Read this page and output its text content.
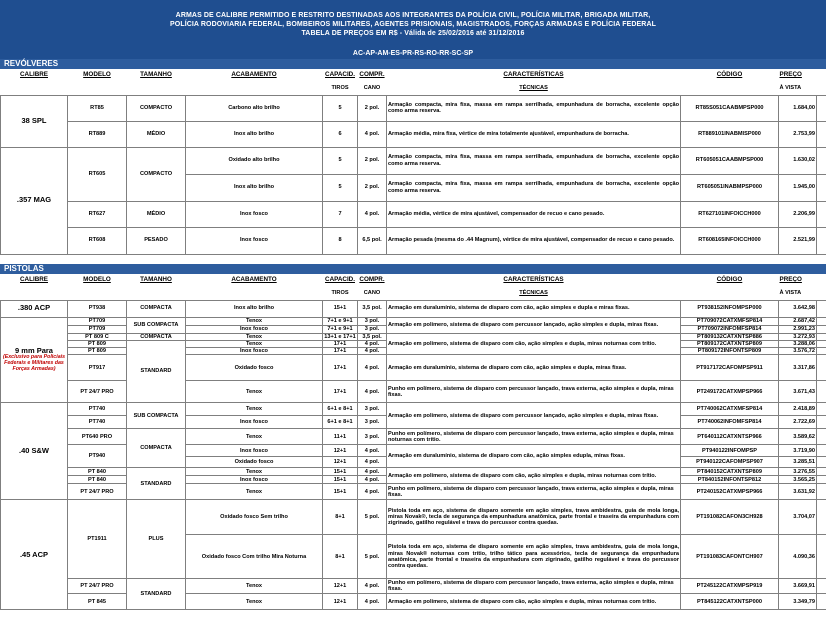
ARMAS DE CALIBRE PERMITIDO E RESTRITO DESTINADAS AOS INTEGRANTES DA POLÍCIA CIVIL, POLÍCIA MILITAR, BRIGADA MILITAR,
POLÍCIA RODOVIARIA FEDERAL, BOMBEIROS MILITARES, AGENTES PRISIONAIS, MAGISTRADOS, FORÇAS ARMADAS E POLÍCIA FEDERAL
TABELA DE PREÇOS EM R$ - Válida de 25/02/2016 até 31/12/2016
AC-AP-AM-ES-PR-RS-RO-RR-SC-SP
REVÓLVERES
CALIBRE	MODELO	TAMANHO	ACABAMENTO	CAPACID.	COMPR.	CARACTERÍSTICAS	CÓDIGO	PREÇO	
				TIROS	CANO	TÉCNICAS		À VISTA	
38 SPL	RT85	COMPACTO	Carbono alto brilho	5	2 pol.	Armação compacta, mira fixa, massa em rampa serrilhada, empunhadura de borracha, excelente opção como arma reserva.	RT85S051CAABMPSP000	1.684,00	
	RT889	MÉDIO	Inox alto brilho	6	4 pol.	Armação média, mira fixa, vértice de mira totalmente ajustável, empunhadura de borracha.	RT889101INABMISP000	2.753,99	
.357 MAG	RT605	COMPACTO	Oxidado alto brilho	5	2 pol.	Armação compacta, mira fixa, massa em rampa serrilhada, empunhadura de borracha, excelente opção como arma reserva.	RT605051CAABMPSP000	1.630,02	
			Inox alto brilho	5	2 pol.	Armação compacta, mira fixa, massa em rampa serrilhada, empunhadura de borracha, excelente opção como arma reserva.	RT605051INABMPSP000	1.945,00	
	RT627	MÉDIO	Inox fosco	7	4 pol.	Armação média, vértice de mira ajustável, compensador de recuo e cano pesado.	RT627101INFOICCH000	2.206,99	
	RT608	PESADO	Inox fosco	8	6,5 pol.	Armação pesada (mesma do .44 Magnum), vértice de mira ajustável, compensador de recuo e cano pesado.	RT608165INFOICCH000	2.521,99	
PISTOLAS
CALIBRE	MODELO	TAMANHO	ACABAMENTO	CAPACID.	COMPR.	CARACTERÍSTICAS	CÓDIGO	PREÇO	
				TIROS	CANO	TÉCNICAS		À VISTA	
.380 ACP	PT938	COMPACTA	Inox alto brilho	15+1	3,5 pol.	Armação em duralumínio, sistema de disparo com cão, ação simples e dupla e miras fixas.	PT938152INFOMPSP000	3.642,98	
9 mm Para
(Exclusivo para Policiais Federais e Militares das Forças Armadas)	PT709	SUB COMPACTA	Tenox	7+1 e 9+1	3 pol.	Armação em polímero, sistema de disparo com percussor lançado, ação simples e dupla, miras fixas.	PT709072CATXMFSP814	2.687,42	
	PT709		Inox fosco	7+1 e 9+1	3 pol.		PT709072INFOMFSP814	2.991,23	
	PT 809 C	COMPACTA	Tenox	13+1 e 17+1	3,5 pol.	Armação em polímero, sistema de disparo com cão, ação simples e dupla, miras noturnas com trítio.	PT809132CATXNTSP886	3.272,93	
	PT 809	STANDARD	Tenox	17+1	4 pol.		PT809172CATXNTSP809	3.288,06	
	PT 809		Inox fosco	17+1	4 pol.		PT809172INFONTSP809	3.576,72	
	PT917		Oxidado fosco	17+1	4 pol.	Armação em duralumínio, sistema de disparo com cão, ação simples e dupla, miras fixas.	PT917172CAFOMPSP911	3.317,86	
	PT 24/7 PRO		Tenox	17+1	4 pol.	Punho em polímero, sistema de disparo com percussor lançado, trava externa, ação simples e dupla, miras fixas.	PT249172CATXMPSP966	3.671,43	
.40 S&W	PT740	SUB COMPACTA	Tenox	6+1 e 8+1	3 pol.	Armação em polímero, sistema de disparo com percussor lançado, ação simples e dupla, miras fixas.	PT740062CATXMFSP814	2.418,89	
	PT740		Inox fosco	6+1 e 8+1	3 pol.		PT740062INFOMFSP814	2.722,69	
	PT640 PRO	COMPACTA	Tenox	11+1	3 pol.	Punho em polímero, sistema de disparo com percussor lançado, trava externa, ação simples e dupla, miras noturnas com trítio.	PT640112CATXNTSP966	3.589,62	
	PT940		Inox fosco	12+1	4 pol.	Armação em duralumínio, sistema de disparo com cão, ação simples edupla, miras fixas.	PT940122INFOMPSP	3.719,90	
			Oxidado fosco	12+1	4 pol.		PT940122CAFOMPSP907	3.285,51	
	PT 840	STANDARD	Tenox	15+1	4 pol.	Armação em polímero, sistema de disparo com cão, ação simples e dupla, miras noturnas com trítio.	PT840152CATXNTSP809	3.276,55	
	PT 840		Inox fosco	15+1	4 pol.		PT840152INFONTSP812	3.565,25	
	PT 24/7 PRO		Tenox	15+1	4 pol.	Punho em polímero, sistema de disparo com percussor lançado, trava externa, ação simples e dupla, miras fixas.	PT240152CATXMPSP966	3.631,92	
.45 ACP	PT1911	PLUS	Oxidado fosco Sem trilho	8+1	5 pol.	Pistola toda em aço, sistema de disparo somente em ação simples, trava ambidestra, guia de mola longa, miras Novak®, tecla de segurança da empunhadura anatômica, parte frontal e traseira da empunhadura com zigrinado, gatilho regulável e trava do percussor contra quedas.	PT191082CAFON3CH928	3.704,07	
			Oxidado fosco Com trilho Mira Noturna	8+1	5 pol.	Pistola toda em aço, sistema de disparo somente em ação simples, trava ambidestra, guia de mola longa, miras Novak® noturnas com trítio, trilho tático para acessórios, tecla de segurança da empunhadura anatômica, parte frontal e traseira da empunhadura com zigrinado, gatilho regulável e trava do percussor contra quedas.	PT191083CAFONTCH907	4.090,36	
	PT 24/7 PRO	STANDARD	Tenox	12+1	4 pol.	Punho em polímero, sistema de disparo com percussor lançado, trava externa, ação simples e dupla, miras fixas.	PT245122CATXMPSP919	3.669,91	
	PT 845		Tenox	12+1	4 pol.	Armação em polímero, sistema de disparo com cão, ação simples e dupla, miras noturnas com trítio.	PT845122CATXNTSP000	3.349,79	
